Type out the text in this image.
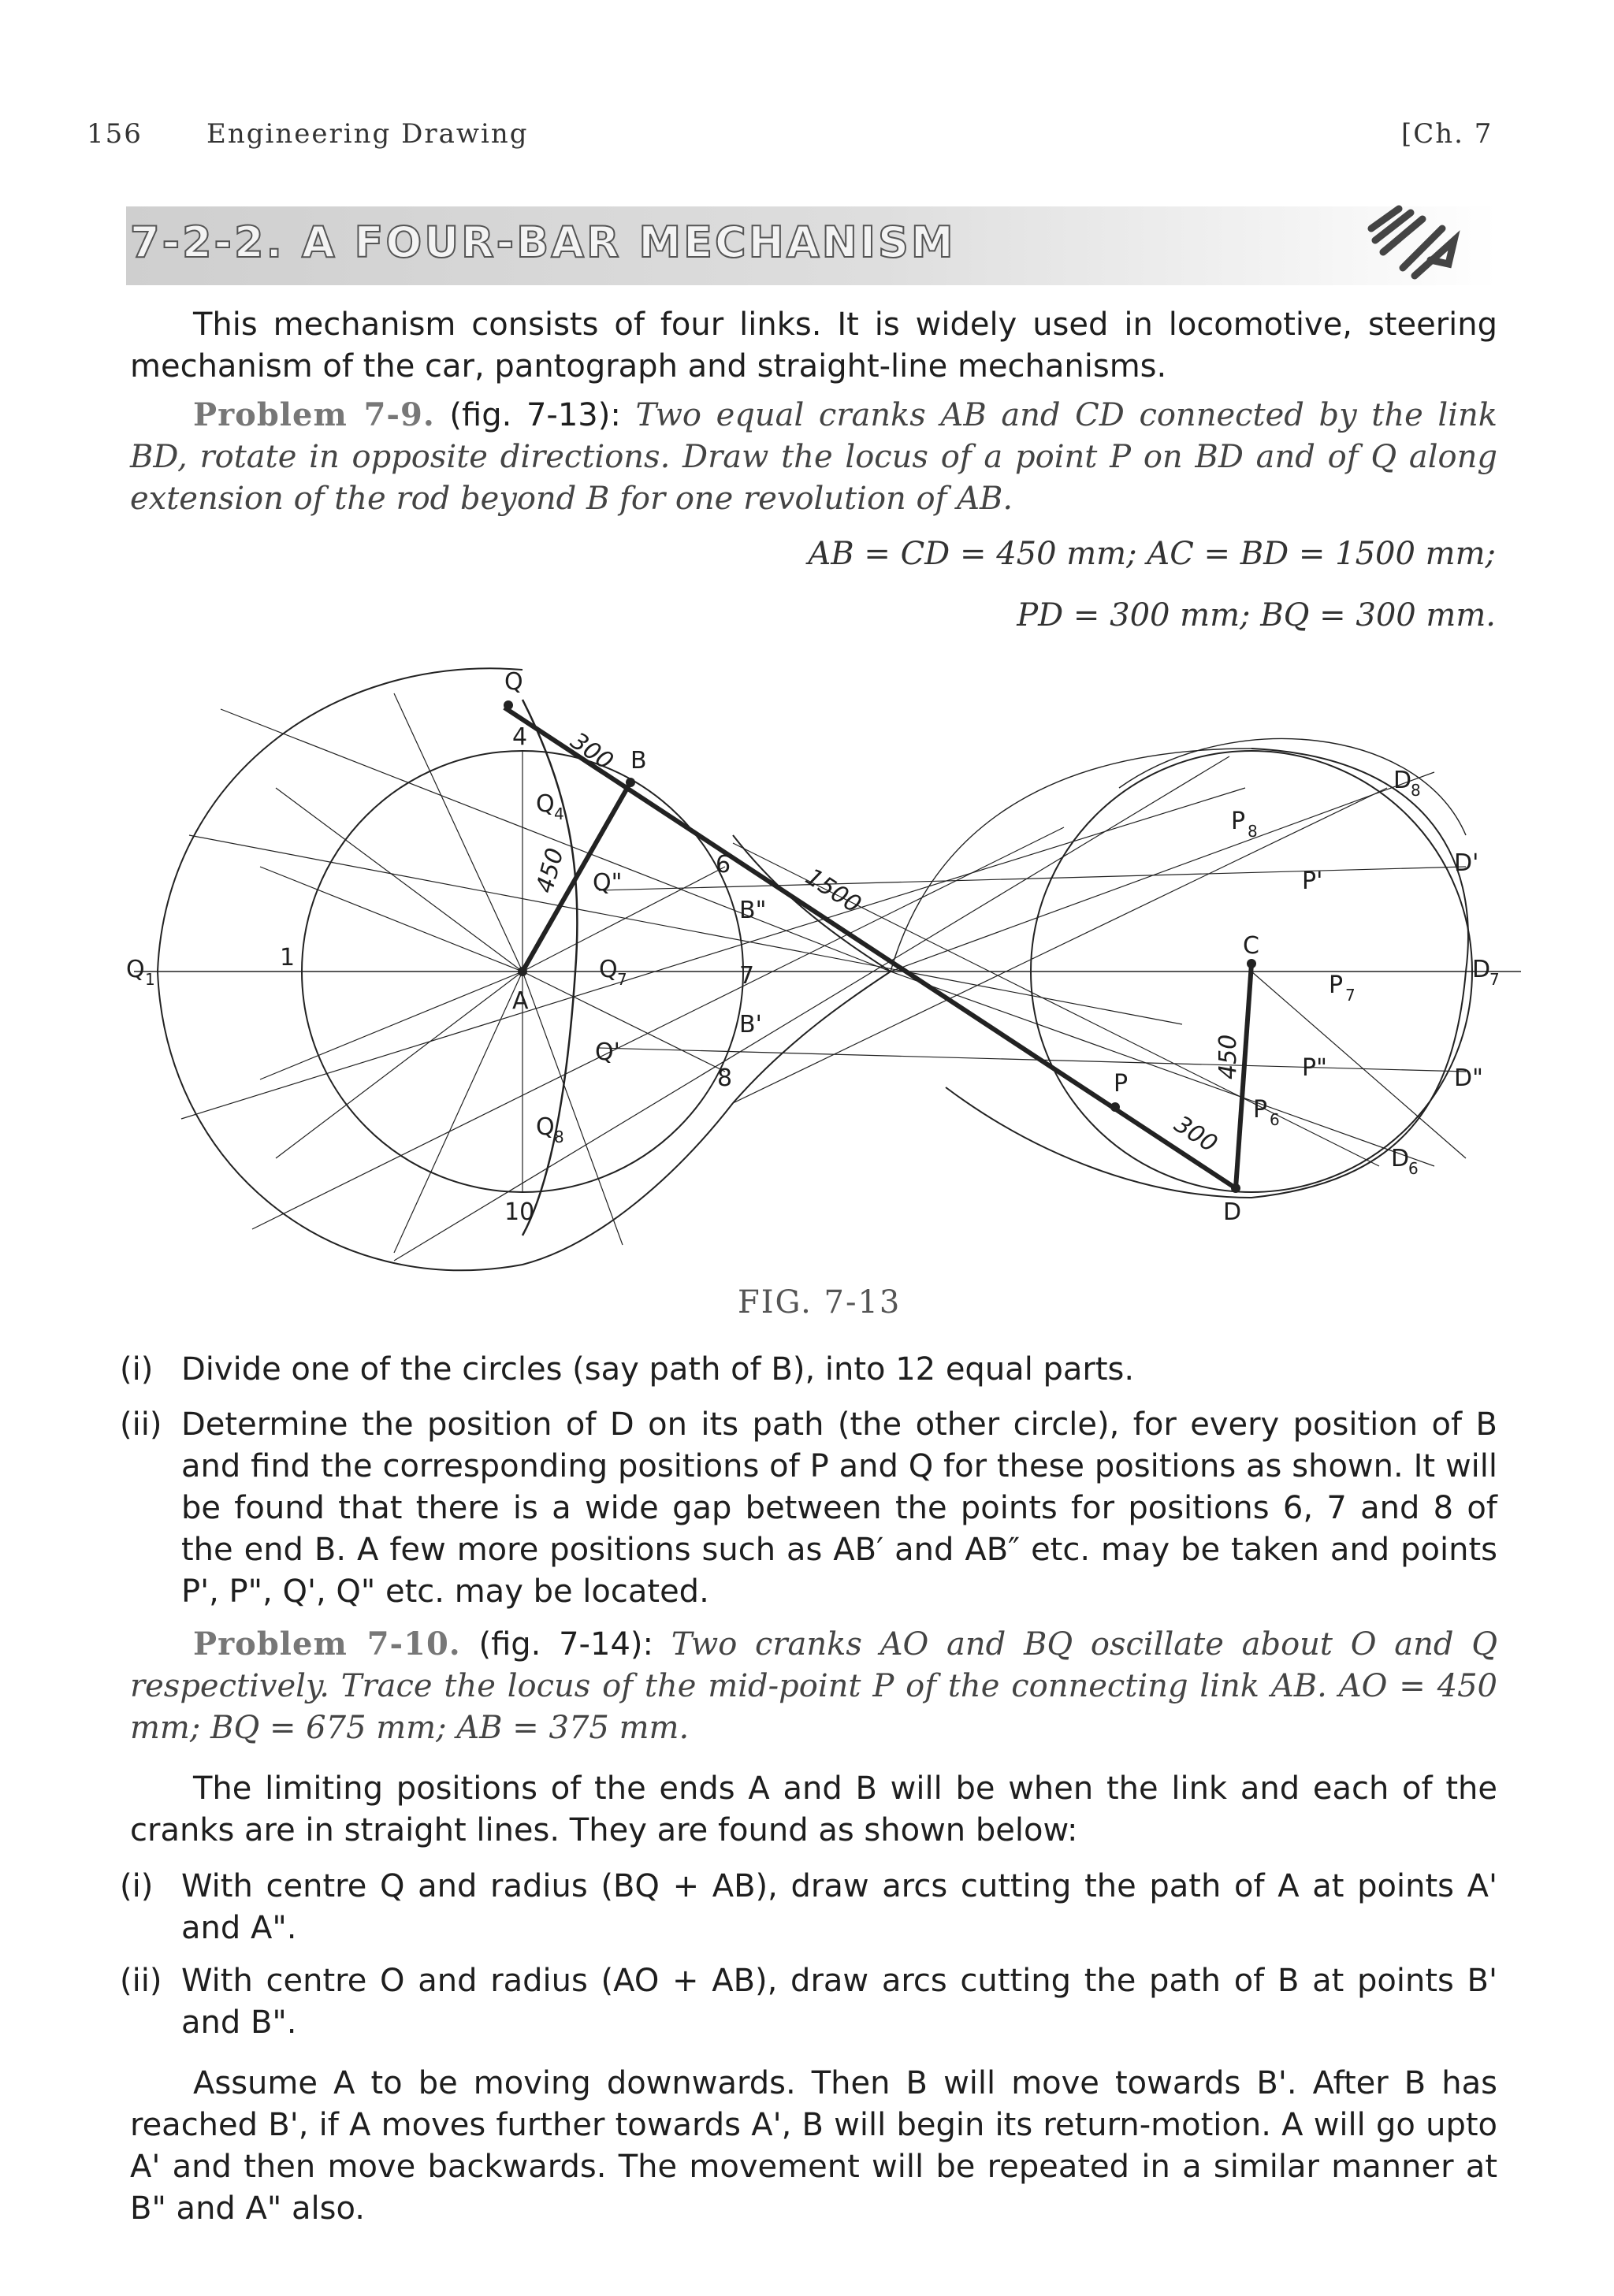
156 Engineering Drawing	[Ch. 7
7-2-2. A FOUR-BAR MECHANISM
This mechanism consists of four links. It is widely used in locomotive, steering mechanism of the car, pantograph and straight-line mechanisms.
Problem 7-9. (fig. 7-13): Two equal cranks AB and CD connected by the link BD, rotate in opposite directions. Draw the locus of a point P on BD and of Q along extension of the rod beyond B for one revolution of AB.
AB = CD = 450 mm; AC = BD = 1500 mm;
PD = 300 mm; BQ = 300 mm.
Q
B
A
C
D
P
Q 1
Q 4
Q 7
Q 8
Q"
Q'
B"
B'
1
4
6
7
8
10
P 8
P'
P 7
P"
P 6
D
8
D'
D
7
D"
D
6
300
450	1500
450
300
FIG. 7-13
(i) Divide one of the circles (say path of B), into 12 equal parts.
(ii) Determine the position of D on its path (the other circle), for every position of B and find the corresponding positions of P and Q for these positions as shown. It will be found that there is a wide gap between the points for positions 6, 7 and 8 of the end B. A few more positions such as AB′ and AB″ etc. may be taken and points P', P", Q', Q" etc. may be located.
Problem 7-10. (fig. 7-14): Two cranks AO and BQ oscillate about O and Q respectively. Trace the locus of the mid-point P of the connecting link AB. AO = 450 mm; BQ = 675 mm; AB = 375 mm.
The limiting positions of the ends A and B will be when the link and each of the cranks are in straight lines. They are found as shown below:
(i) With centre Q and radius (BQ + AB), draw arcs cutting the path of A at points A' and A".
(ii) With centre O and radius (AO + AB), draw arcs cutting the path of B at points B' and B".
Assume A to be moving downwards. Then B will move towards B'. After B has reached B', if A moves further towards A', B will begin its return-motion. A will go upto A' and then move backwards. The movement will be repeated in a similar manner at B" and A" also.
